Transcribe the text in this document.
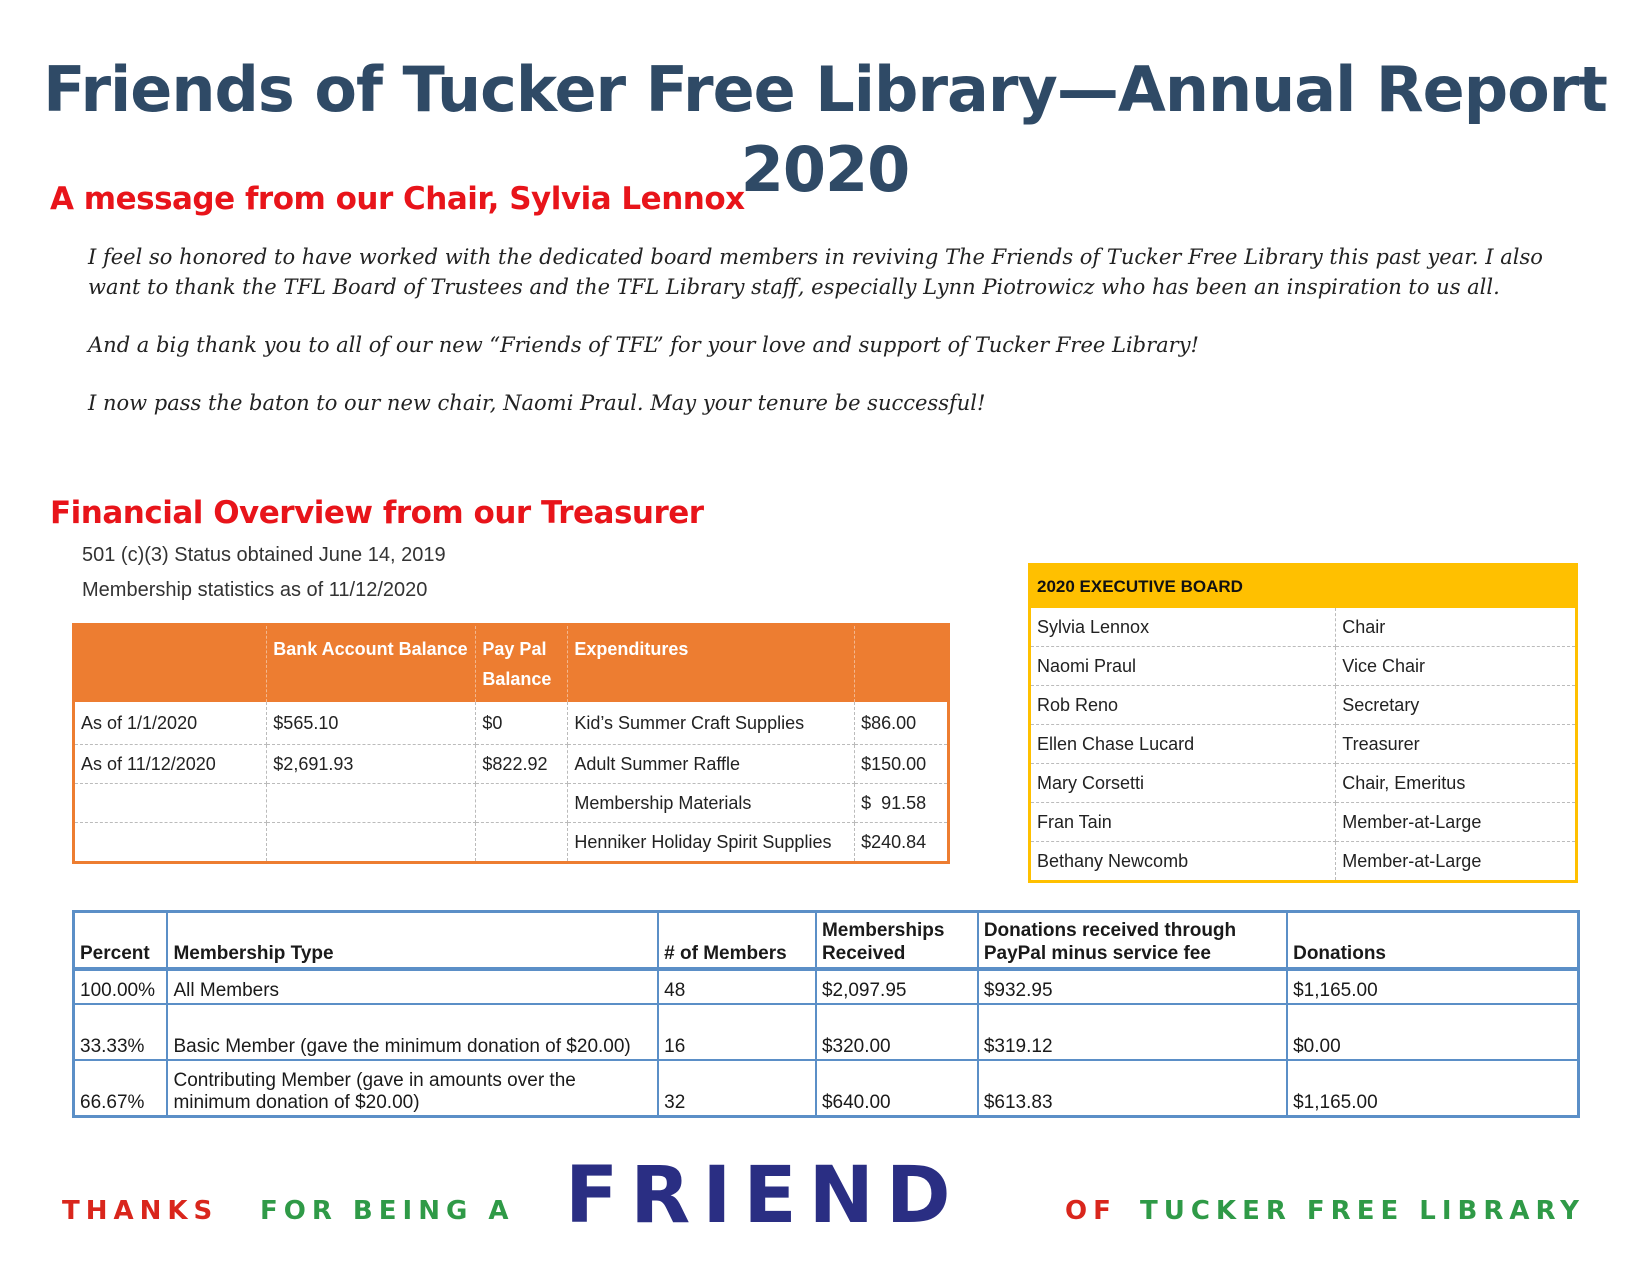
Friends of Tucker Free Library—Annual Report 2020
A message from our Chair, Sylvia Lennox

I feel so honored to have worked with the dedicated board members in reviving The Friends of Tucker Free Library this past year. I also want to thank the TFL Board of Trustees and the TFL Library staff, especially Lynn Piotrowicz who has been an inspiration to us all.

And a big thank you to all of our new “Friends of TFL” for your love and support of Tucker Free Library!

I now pass the baton to our new chair, Naomi Praul. May your tenure be successful!

Financial Overview from our Treasurer
501 (c)(3) Status obtained June 14, 2019
Membership statistics as of 11/12/2020
	Bank Account Balance	Pay Pal Balance	Expenditures	
As of 1/1/2020	$565.10	$0	Kid’s Summer Craft Supplies	$86.00
As of 11/12/2020	$2,691.93	$822.92	Adult Summer Raffle	$150.00
			Membership Materials	$  91.58
			Henniker Holiday Spirit Supplies	$240.84
2020 EXECUTIVE BOARD	
Sylvia Lennox	Chair
Naomi Praul	Vice Chair
Rob Reno	Secretary
Ellen Chase Lucard	Treasurer
Mary Corsetti	Chair, Emeritus
Fran Tain	Member-at-Large
Bethany Newcomb	Member-at-Large
Percent	Membership Type	# of Members	Memberships Received	Donations received through PayPal minus service fee	Donations
100.00%	All Members	48	$2,097.95	$932.95	$1,165.00
33.33%	Basic Member (gave the minimum donation of $20.00)	16	$320.00	$319.12	$0.00
66.67%	Contributing Member (gave in amounts over the minimum donation of $20.00)	32	$640.00	$613.83	$1,165.00
THANKS FOR BEING A FRIEND	OF TUCKER FREE LIBRARY
